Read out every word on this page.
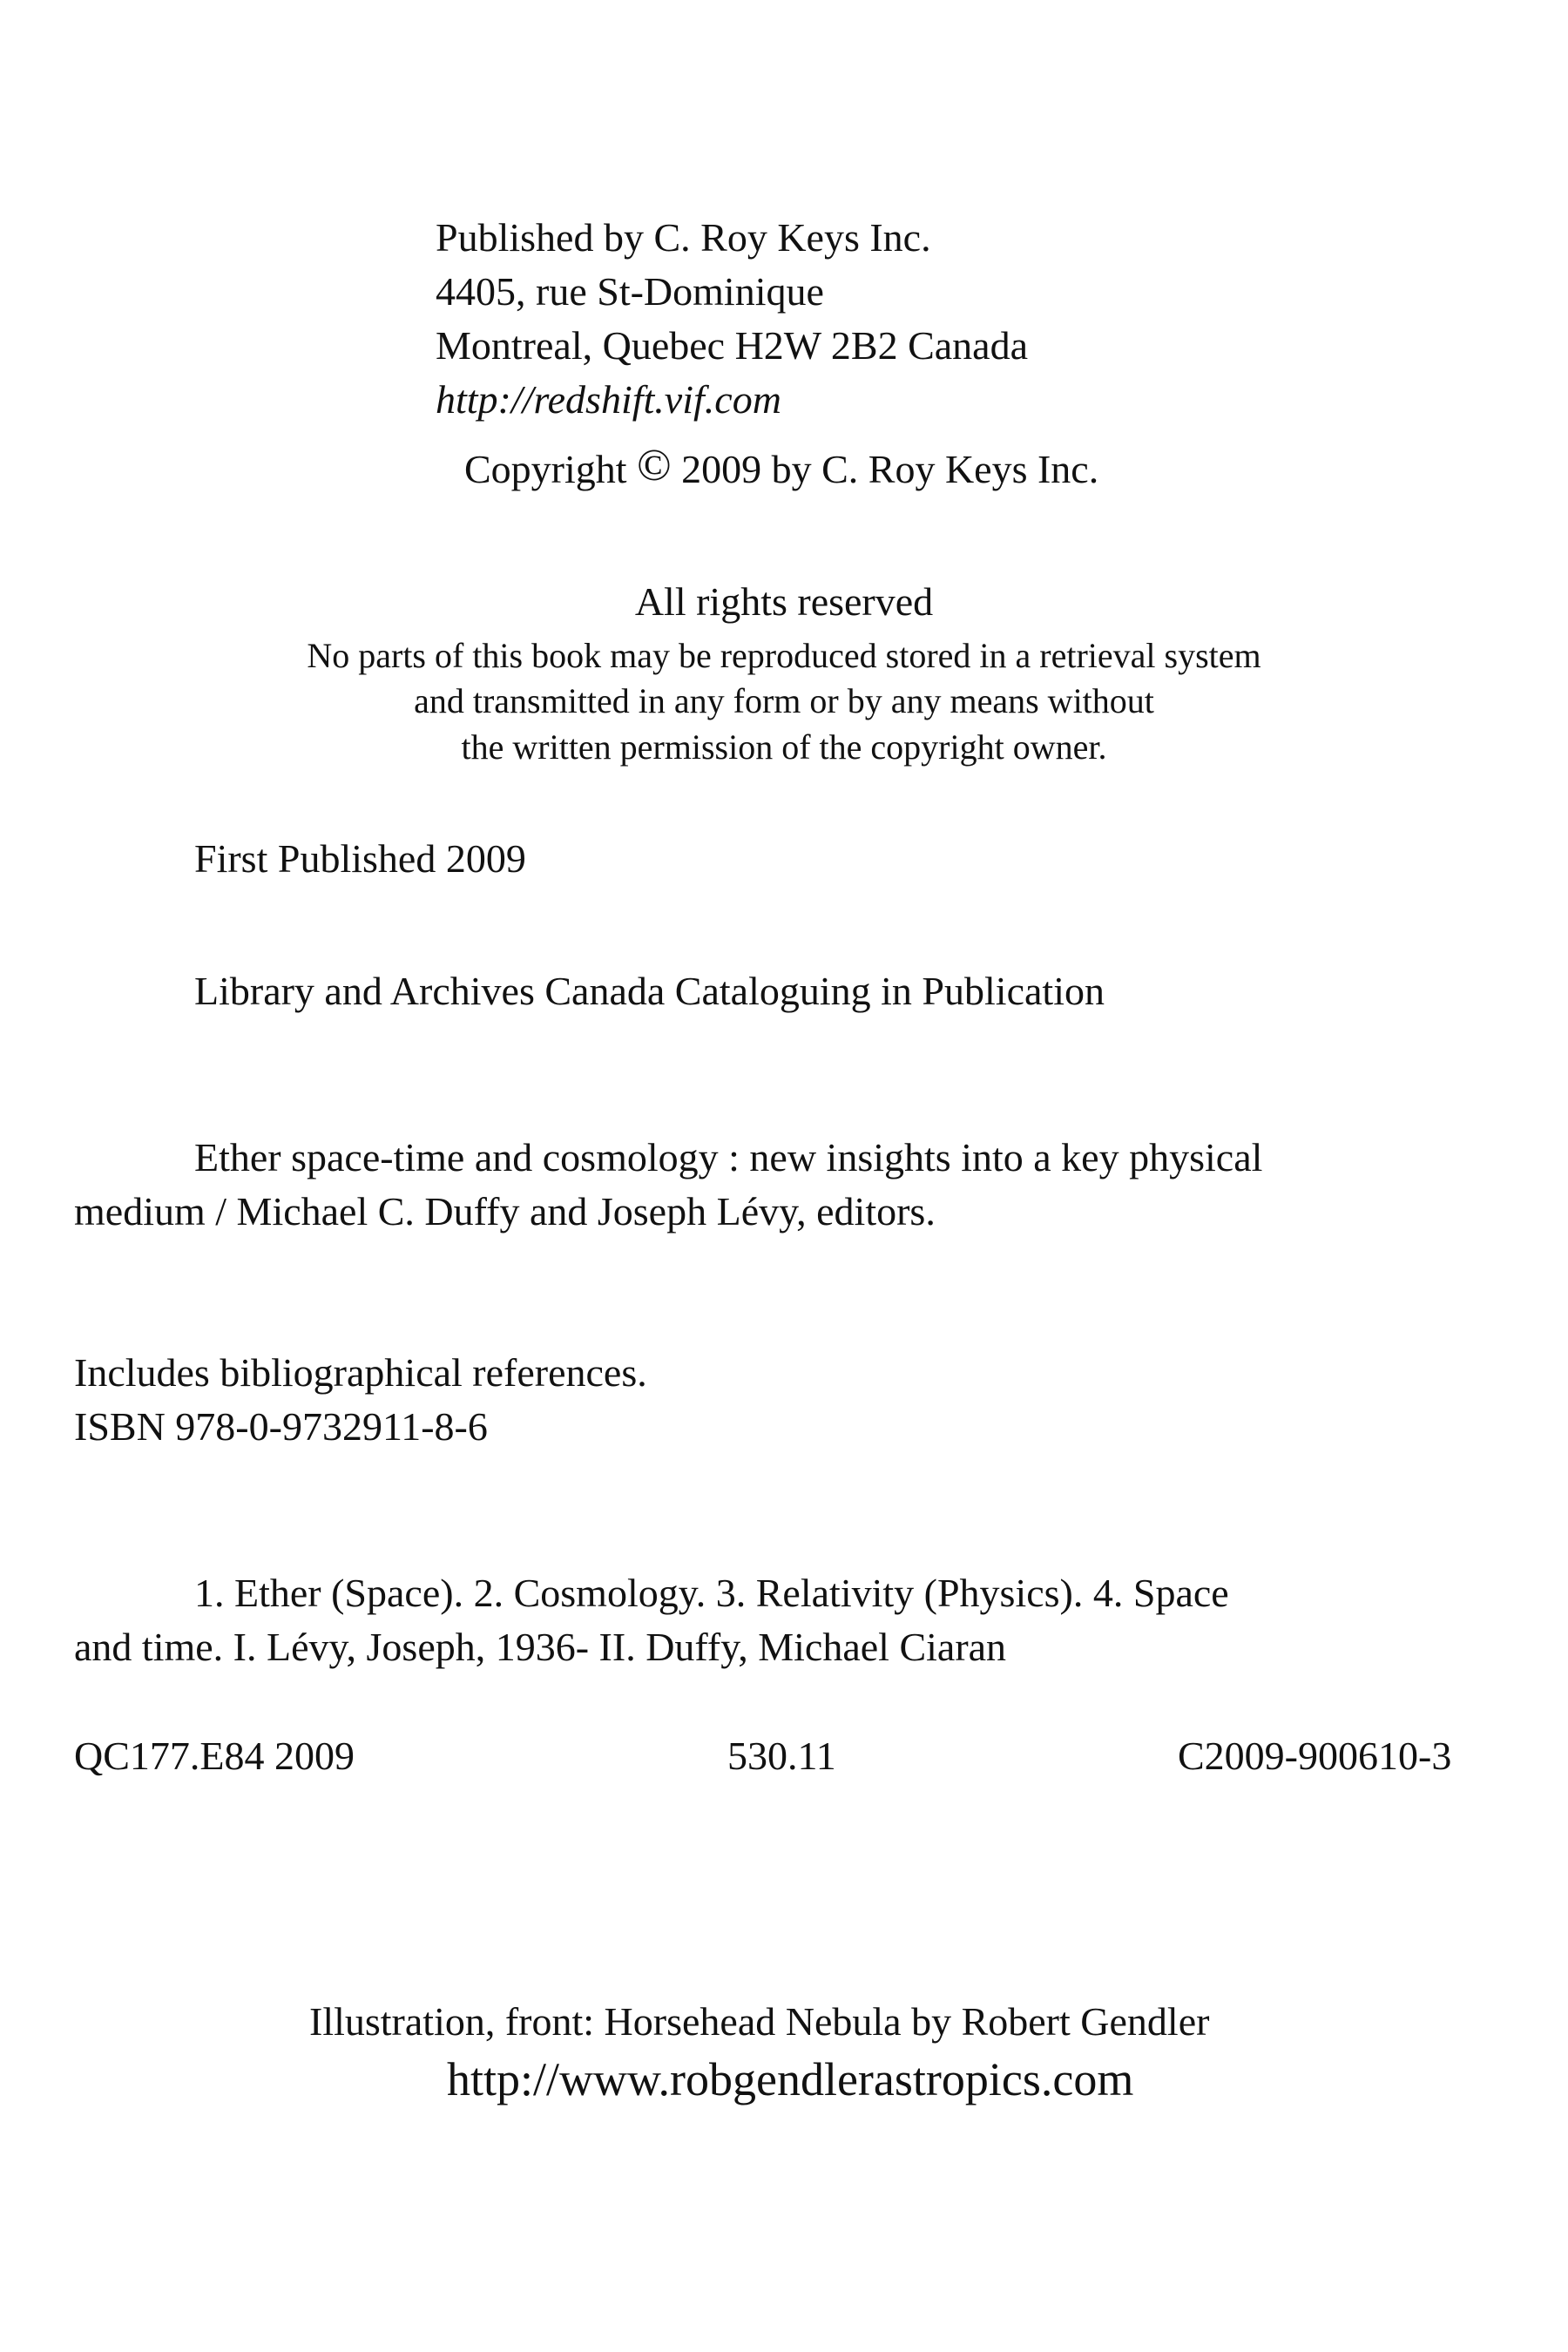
Published by C. Roy Keys Inc.
4405, rue St-Dominique
Montreal, Quebec H2W 2B2 Canada
http://redshift.vif.com
Copyright © 2009 by C. Roy Keys Inc.
All rights reserved
No parts of this book may be reproduced stored in a retrieval system
and transmitted in any form or by any means without
the written permission of the copyright owner.
First Published 2009
Library and Archives Canada Cataloguing in Publication
Ether space-time and cosmology : new insights into a key physical
medium / Michael C. Duffy and Joseph Lévy, editors.
Includes bibliographical references.
ISBN 978-0-9732911-8-6
1. Ether (Space). 2. Cosmology. 3. Relativity (Physics). 4. Space
and time. I. Lévy, Joseph, 1936- II. Duffy, Michael Ciaran
QC177.E84 2009	530.11	C2009-900610-3
Illustration, front: Horsehead Nebula by Robert Gendler
http://www.robgendlerastropics.com
